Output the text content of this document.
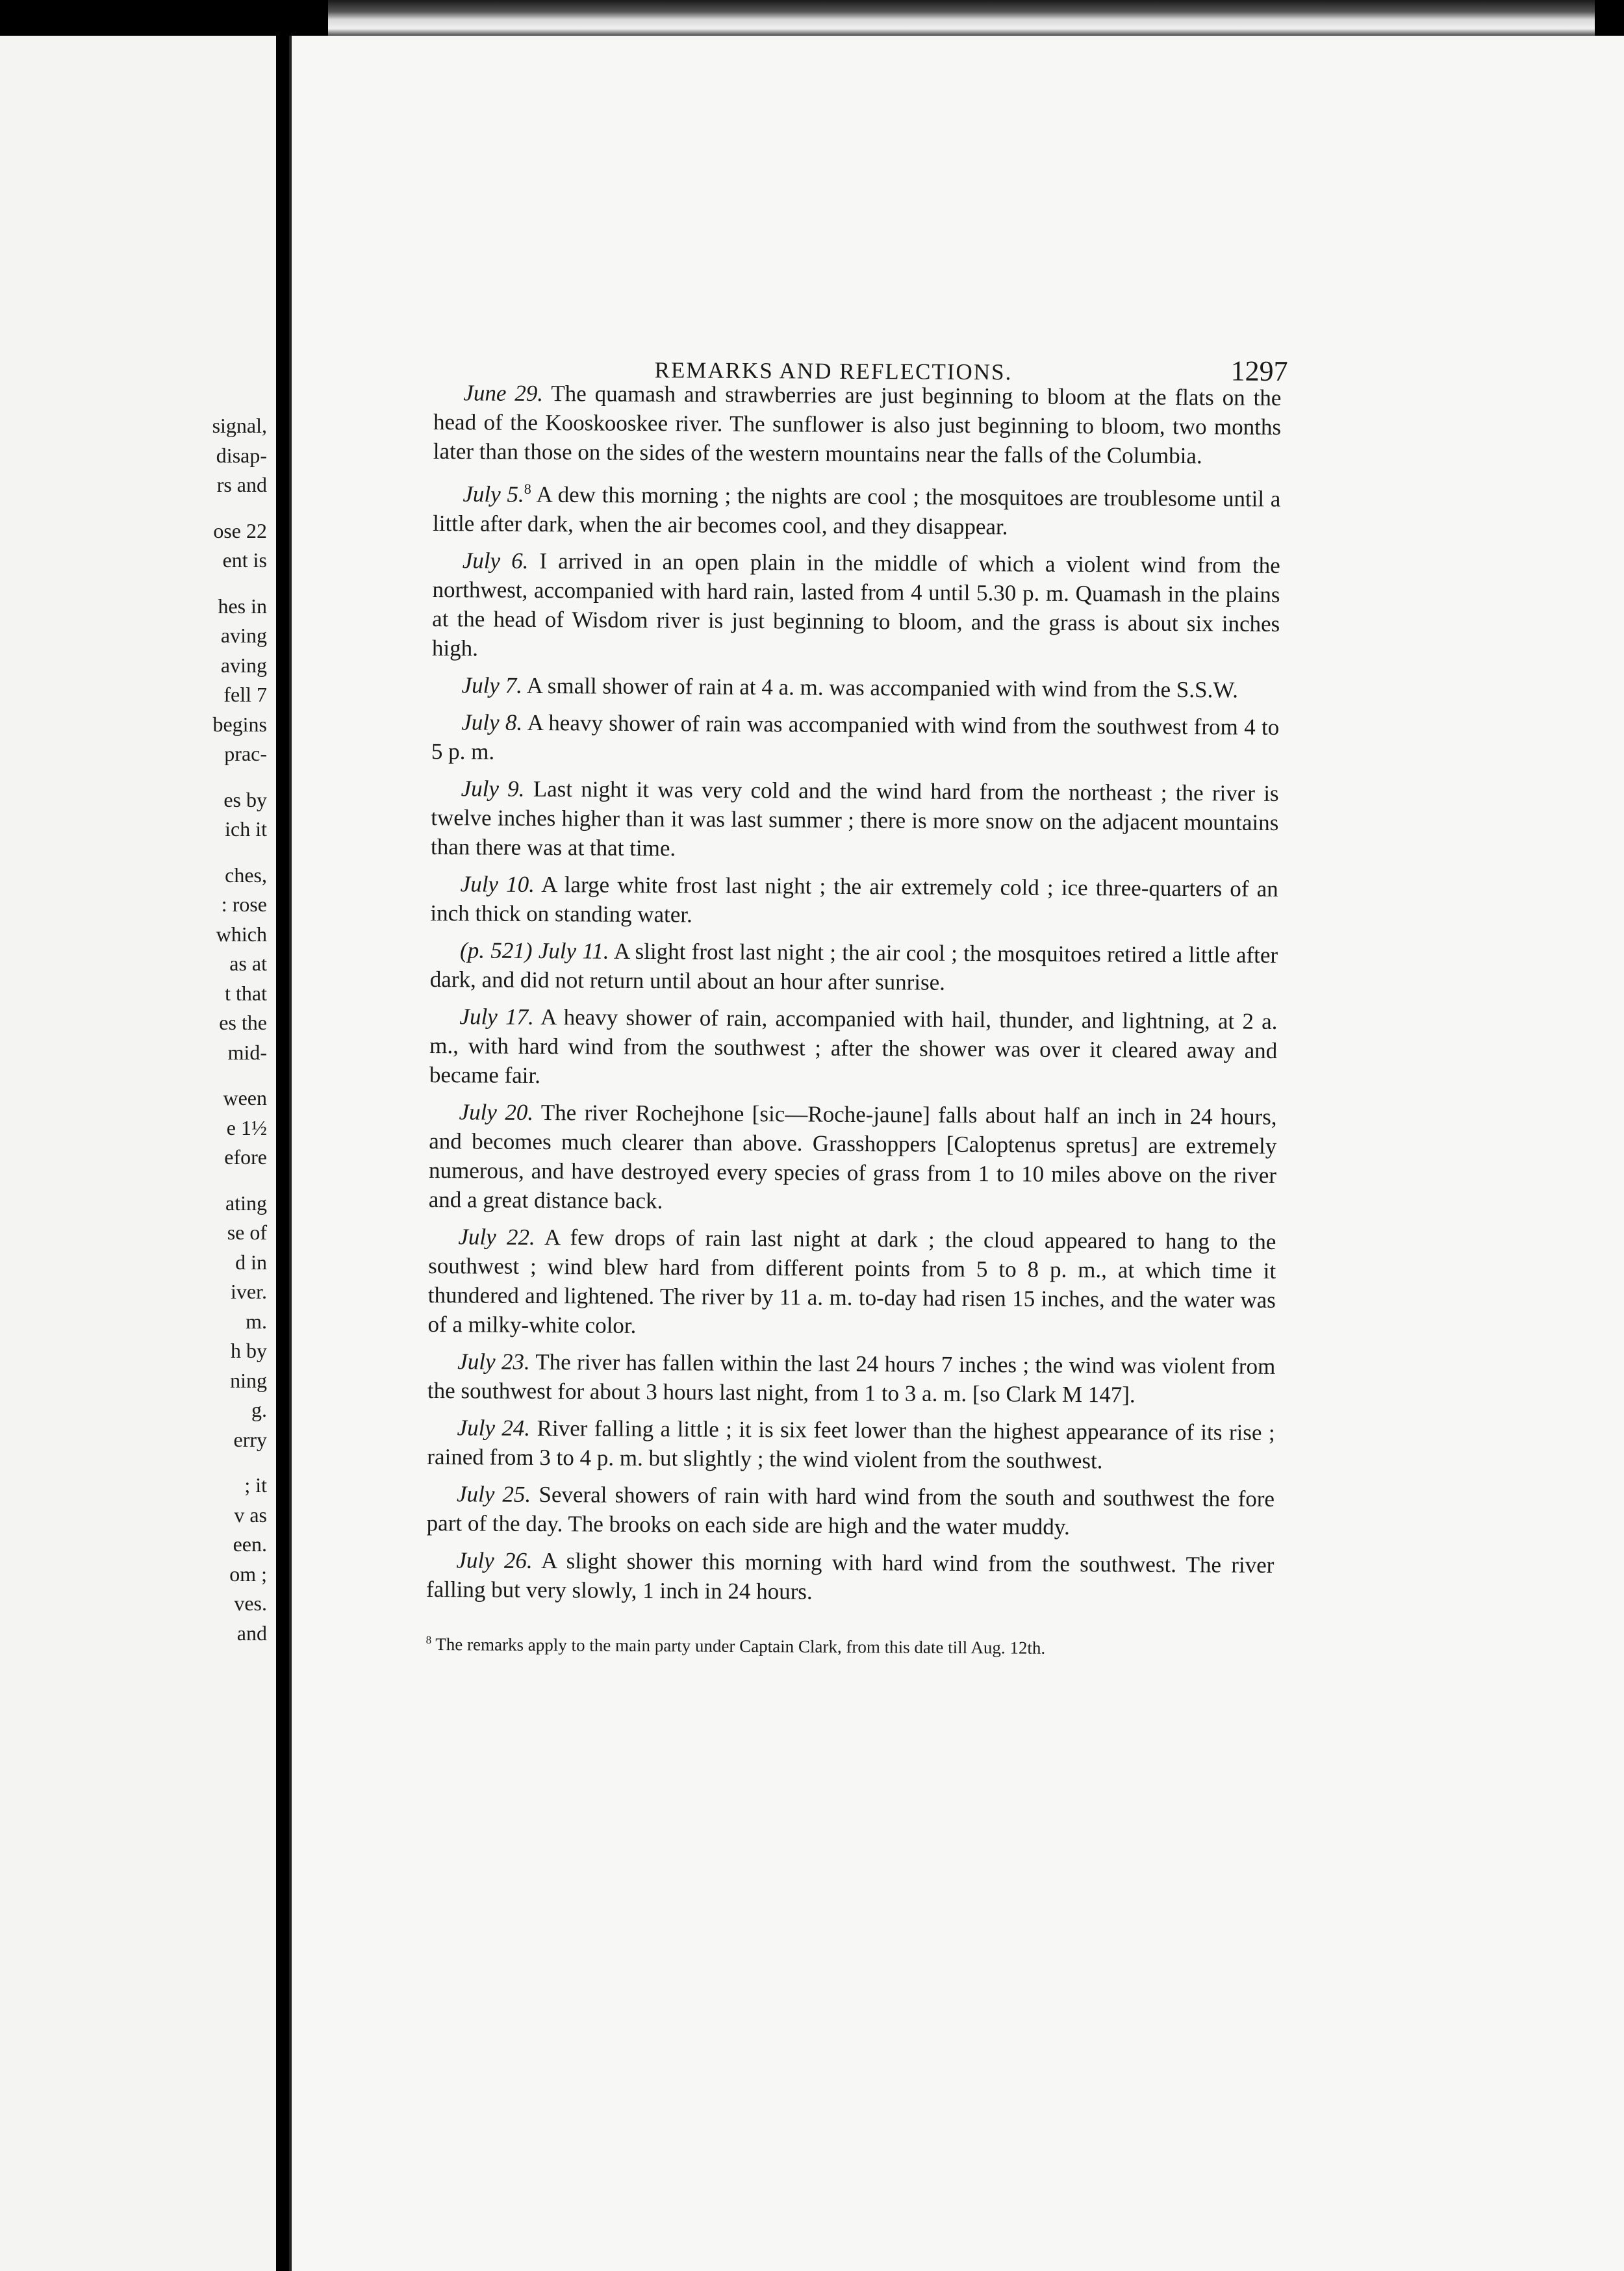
signal,
disap-
rs and
ose 22
ent is
hes in
aving
aving
fell 7
begins
prac-
es by
ich it
ches,
: rose
which
as at
t that
es the
mid-
ween
e 1½
efore
ating
se of
d in
iver.
m.
h by
ning
g.
erry
; it
v as
een.
om ;
ves.
and
REMARKS AND REFLECTIONS.	1297

June 29. The quamash and strawberries are just beginning to bloom at the flats on the head of the Kooskooskee river. The sunflower is also just beginning to bloom, two months later than those on the sides of the western mountains near the falls of the Columbia.

July 5.$^8$ A dew this morning ; the nights are cool ; the mosquitoes are troublesome until a little after dark, when the air becomes cool, and they disappear.

July 6. I arrived in an open plain in the middle of which a violent wind from the northwest, accompanied with hard rain, lasted from 4 until 5.30 p. m. Quamash in the plains at the head of Wisdom river is just beginning to bloom, and the grass is about six inches high.

July 7. A small shower of rain at 4 a. m. was accompanied with wind from the S.S.W.

July 8. A heavy shower of rain was accompanied with wind from the southwest from 4 to 5 p. m.

July 9. Last night it was very cold and the wind hard from the northeast ; the river is twelve inches higher than it was last summer ; there is more snow on the adjacent mountains than there was at that time.

July 10. A large white frost last night ; the air extremely cold ; ice three-quarters of an inch thick on standing water.

(p. 521) July 11. A slight frost last night ; the air cool ; the mosquitoes retired a little after dark, and did not return until about an hour after sunrise.

July 17. A heavy shower of rain, accompanied with hail, thunder, and lightning, at 2 a. m., with hard wind from the southwest ; after the shower was over it cleared away and became fair.

July 20. The river Rochejhone [sic—Roche-jaune] falls about half an inch in 24 hours, and becomes much clearer than above. Grasshoppers [Caloptenus spretus] are extremely numerous, and have destroyed every species of grass from 1 to 10 miles above on the river and a great distance back.

July 22. A few drops of rain last night at dark ; the cloud appeared to hang to the southwest ; wind blew hard from different points from 5 to 8 p. m., at which time it thundered and lightened. The river by 11 a. m. to-day had risen 15 inches, and the water was of a milky-white color.

July 23. The river has fallen within the last 24 hours 7 inches ; the wind was violent from the southwest for about 3 hours last night, from 1 to 3 a. m. [so Clark M 147].

July 24. River falling a little ; it is six feet lower than the highest appearance of its rise ; rained from 3 to 4 p. m. but slightly ; the wind violent from the southwest.

July 25. Several showers of rain with hard wind from the south and southwest the fore part of the day. The brooks on each side are high and the water muddy.

July 26. A slight shower this morning with hard wind from the southwest. The river falling but very slowly, 1 inch in 24 hours.

$^8$ The remarks apply to the main party under Captain Clark, from this date till Aug. 12th.
